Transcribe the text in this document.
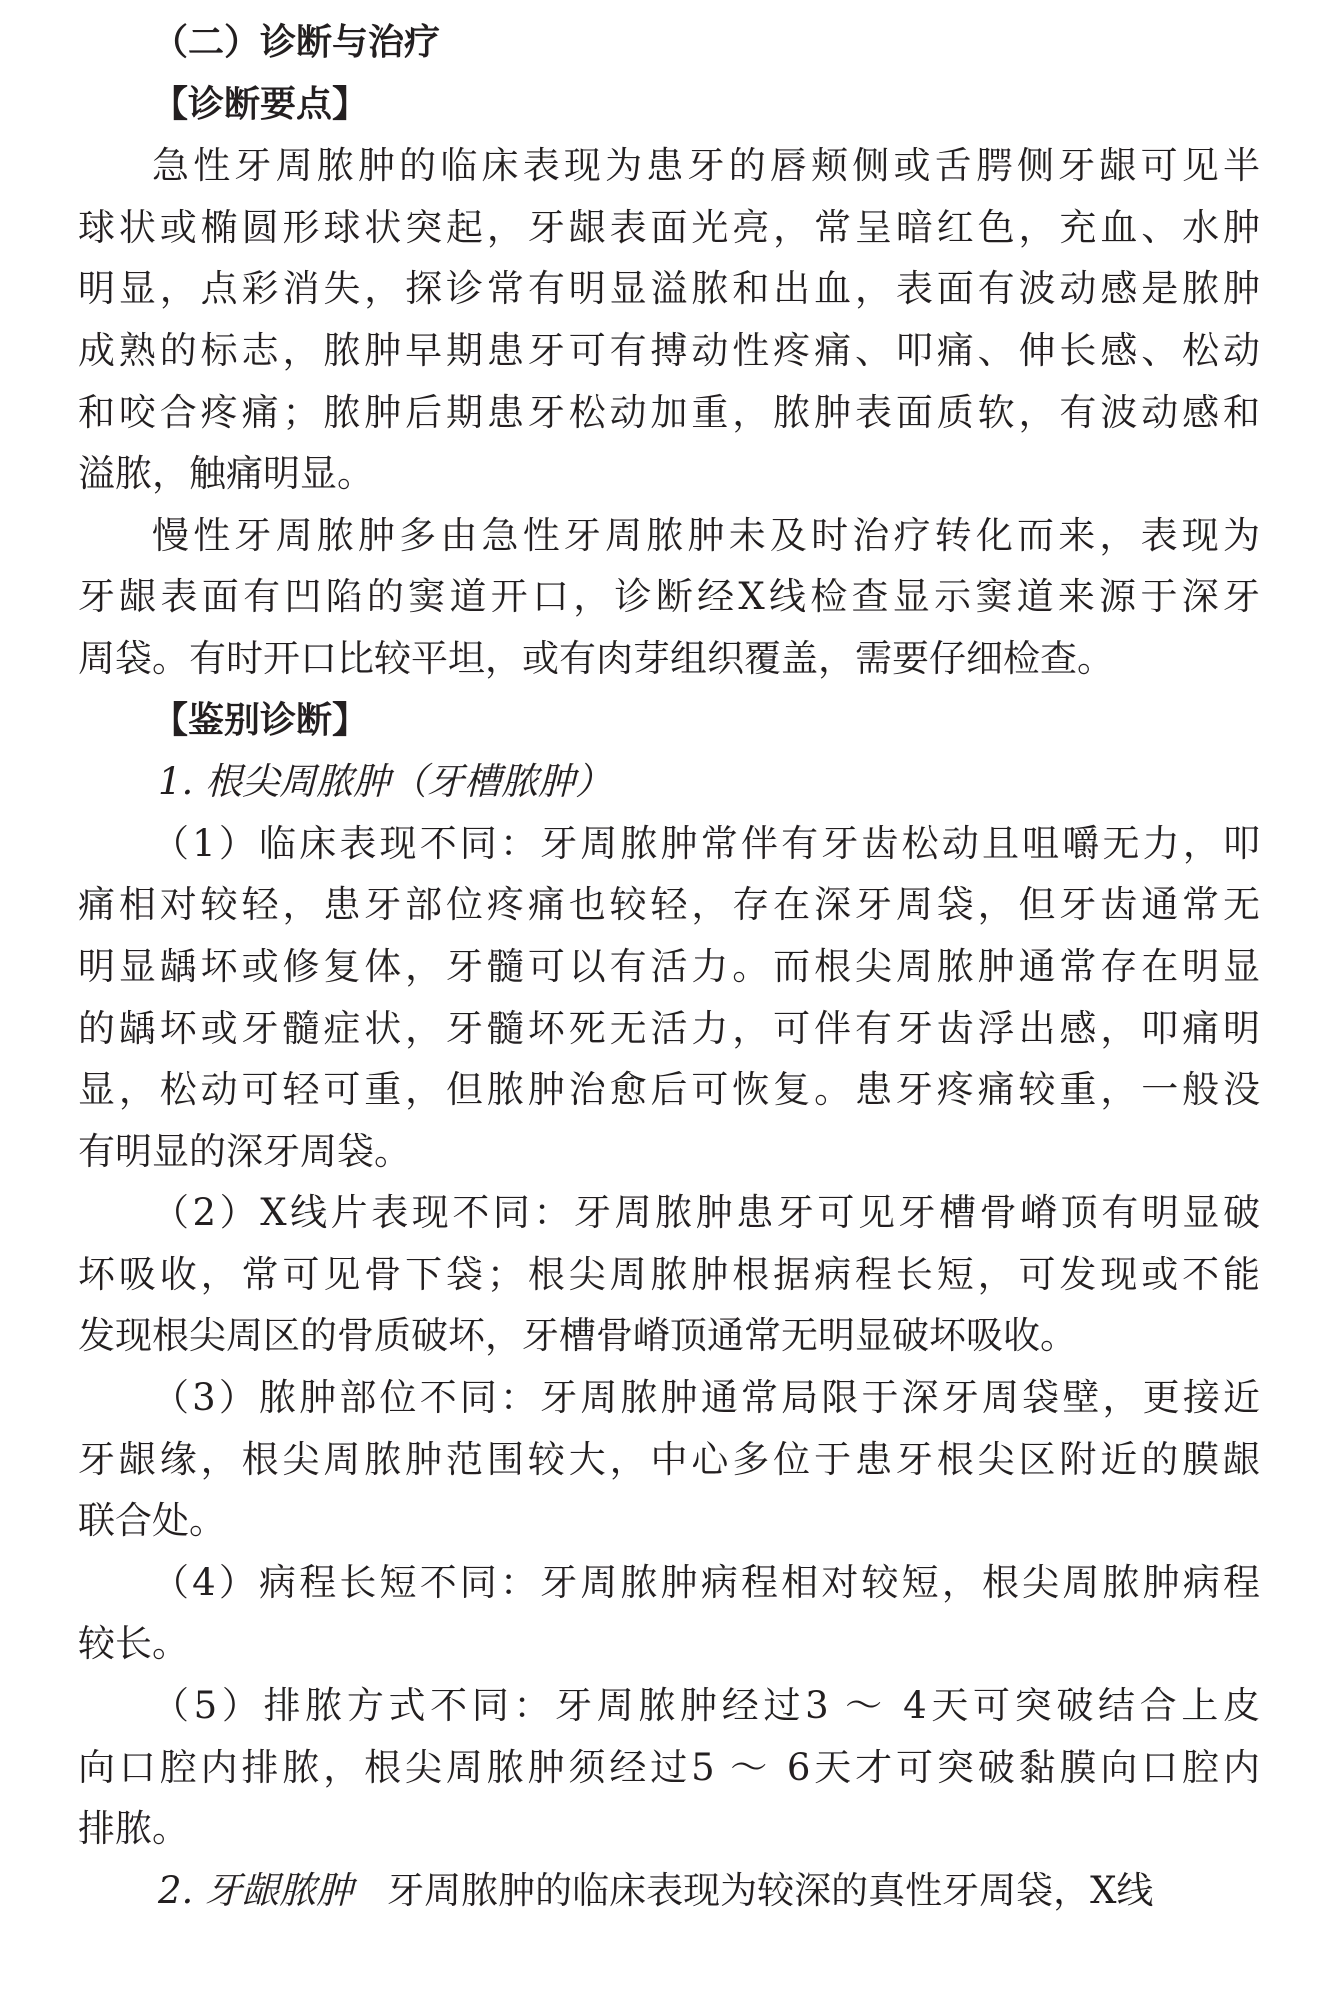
（二）诊断与治疗
【诊断要点】
急性牙周脓肿的临床表现为患牙的唇颊侧或舌腭侧牙龈可见半
球状或椭圆形球状突起，牙龈表面光亮，常呈暗红色，充血、水肿
明显，点彩消失，探诊常有明显溢脓和出血，表面有波动感是脓肿
成熟的标志，脓肿早期患牙可有搏动性疼痛、叩痛、伸长感、松动
和咬合疼痛；脓肿后期患牙松动加重，脓肿表面质软，有波动感和
溢脓，触痛明显。
慢性牙周脓肿多由急性牙周脓肿未及时治疗转化而来，表现为
牙龈表面有凹陷的窦道开口，诊断经X线检查显示窦道来源于深牙
周袋。有时开口比较平坦，或有肉芽组织覆盖，需要仔细检查。
【鉴别诊断】
1. 根尖周脓肿（牙槽脓肿）
（1）临床表现不同：牙周脓肿常伴有牙齿松动且咀嚼无力，叩
痛相对较轻，患牙部位疼痛也较轻，存在深牙周袋，但牙齿通常无
明显龋坏或修复体，牙髓可以有活力。而根尖周脓肿通常存在明显
的龋坏或牙髓症状，牙髓坏死无活力，可伴有牙齿浮出感，叩痛明
显，松动可轻可重，但脓肿治愈后可恢复。患牙疼痛较重，一般没
有明显的深牙周袋。
（2）X线片表现不同：牙周脓肿患牙可见牙槽骨嵴顶有明显破
坏吸收，常可见骨下袋；根尖周脓肿根据病程长短，可发现或不能
发现根尖周区的骨质破坏，牙槽骨嵴顶通常无明显破坏吸收。
（3）脓肿部位不同：牙周脓肿通常局限于深牙周袋壁，更接近
牙龈缘，根尖周脓肿范围较大，中心多位于患牙根尖区附近的膜龈
联合处。
（4）病程长短不同：牙周脓肿病程相对较短，根尖周脓肿病程
较长。
（5）排脓方式不同：牙周脓肿经过3 ～ 4天可突破结合上皮
向口腔内排脓，根尖周脓肿须经过5 ～ 6天才可突破黏膜向口腔内
排脓。
2. 牙龈脓肿 牙周脓肿的临床表现为较深的真性牙周袋，X线
